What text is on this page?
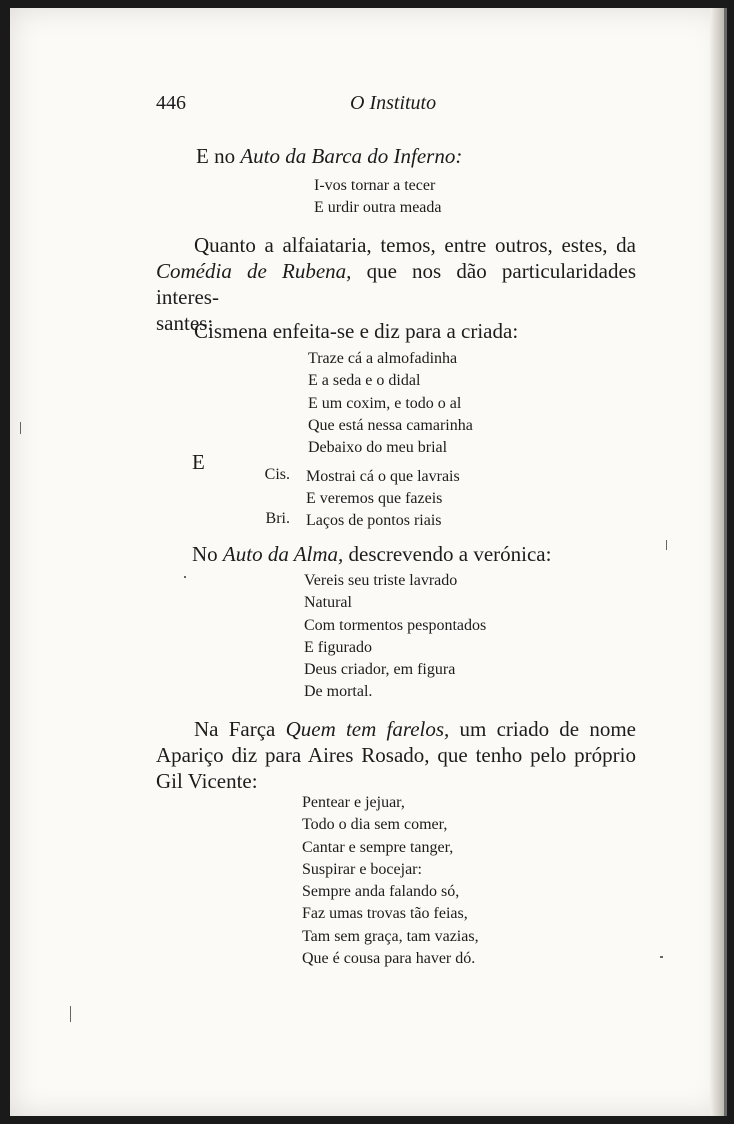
446	O Instituto
E no Auto da Barca do Inferno:
I-vos tornar a tecer
E urdir outra meada
Quanto a alfaiataria, temos, entre outros, estes, da
Comédia de Rubena, que nos dão particularidades interes-
santes:
Cismena enfeita-se e diz para a criada:
Traze cá a almofadinha
E a seda e o didal
E um coxim, e todo o al
Que está nessa camarinha
Debaixo do meu brial
E
Cis. Mostrai cá o que lavrais
E veremos que fazeis
Bri. Laços de pontos riais
No Auto da Alma, descrevendo a verónica:
Vereis seu triste lavrado
Natural
Com tormentos pespontados
E figurado
Deus criador, em figura
De mortal.
Na Farça Quem tem farelos, um criado de nome
Apariço diz para Aires Rosado, que tenho pelo próprio
Gil Vicente:
Pentear e jejuar,
Todo o dia sem comer,
Cantar e sempre tanger,
Suspirar e bocejar:
Sempre anda falando só,
Faz umas trovas tão feias,
Tam sem graça, tam vazias,
Que é cousa para haver dó.
